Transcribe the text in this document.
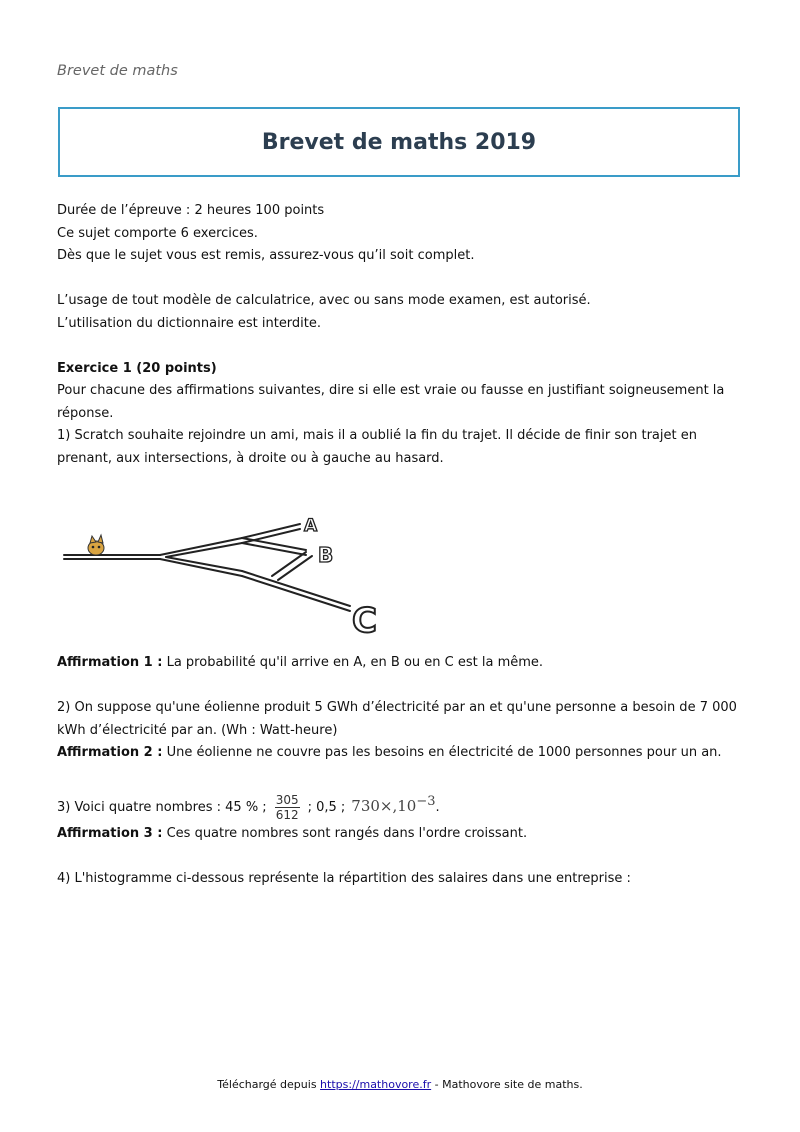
Brevet de maths
Brevet de maths 2019

Durée de l’épreuve : 2 heures 100 points

Ce sujet comporte 6 exercices.

Dès que le sujet vous est remis, assurez-vous qu’il soit complet.

L’usage de tout modèle de calculatrice, avec ou sans mode examen, est autorisé.

L’utilisation du dictionnaire est interdite.

Exercice 1 (20 points)

Pour chacune des affirmations suivantes, dire si elle est vraie ou fausse en justifiant soigneusement la réponse.

1) Scratch souhaite rejoindre un ami, mais il a oublié la fin du trajet. Il décide de finir son trajet en prenant, aux intersections, à droite ou à gauche au hasard.

A
B
C

Affirmation 1 : La probabilité qu'il arrive en A, en B ou en C est la même.

2) On suppose qu'une éolienne produit 5 GWh d’électricité par an et qu'une personne a besoin de 7 000 kWh d’électricité par an. (Wh : Watt-heure)

Affirmation 2 : Une éolienne ne couvre pas les besoins en électricité de 1000 personnes pour un an.

3) Voici quatre nombres : 45 % ; $\frac{305}{612}$ ; 0,5 ; $730\times,10^{-3}$.

Affirmation 3 : Ces quatre nombres sont rangés dans l'ordre croissant.

4) L'histogramme ci-dessous représente la répartition des salaires dans une entreprise :

Téléchargé depuis https://mathovore.fr - Mathovore site de maths.
